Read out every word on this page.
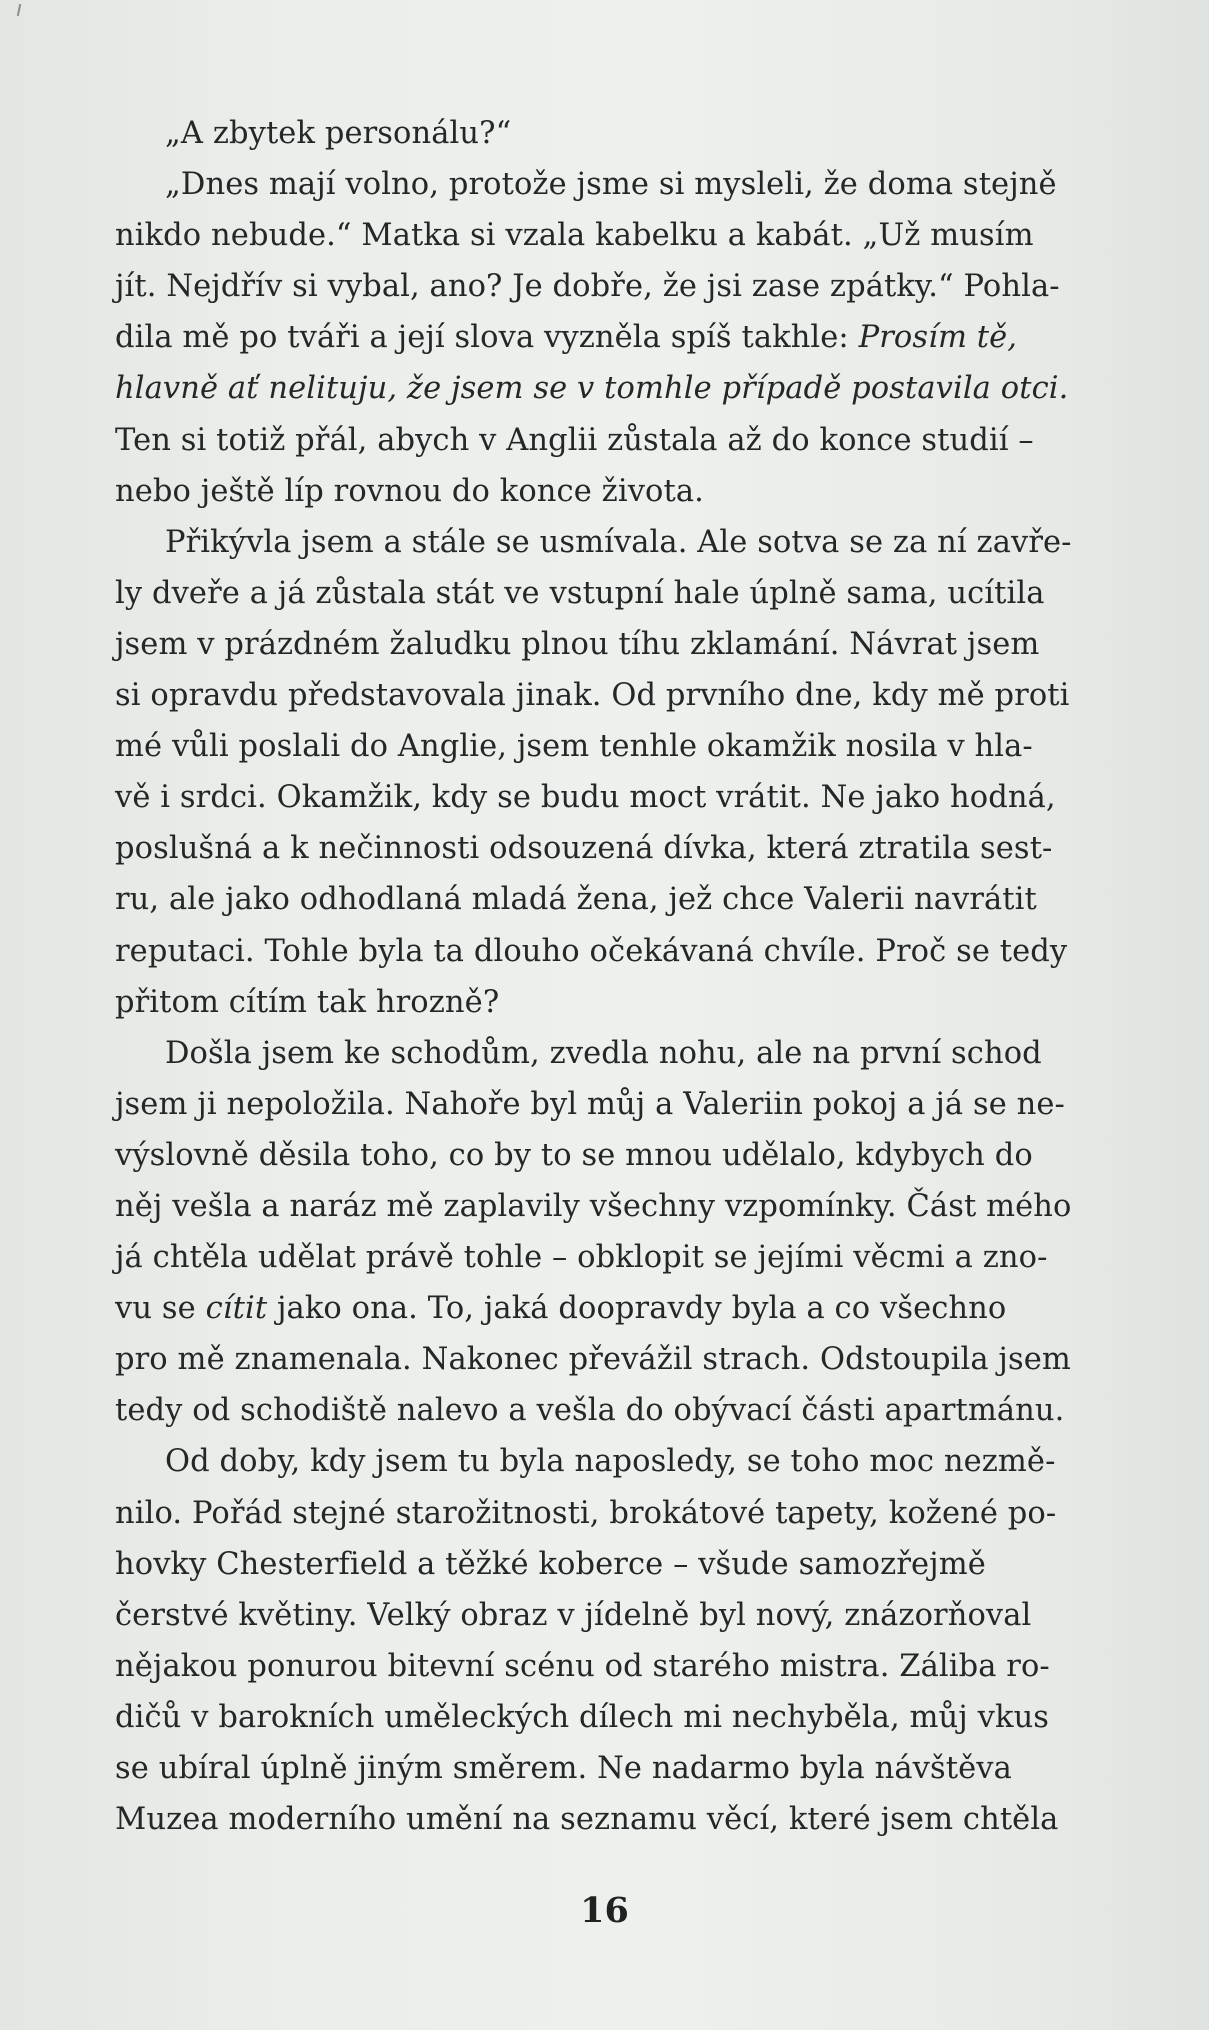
„A zbytek personálu?“

„Dnes mají volno, protože jsme si mysleli, že doma stejně
nikdo nebude.“ Matka si vzala kabelku a kabát. „Už musím
jít. Nejdřív si vybal, ano? Je dobře, že jsi zase zpátky.“ Pohla-
dila mě po tváři a její slova vyzněla spíš takhle: Prosím tě,
hlavně ať nelituju, že jsem se v tomhle případě postavila otci.
Ten si totiž přál, abych v Anglii zůstala až do konce studií –
nebo ještě líp rovnou do konce života.

Přikývla jsem a stále se usmívala. Ale sotva se za ní zavře-
ly dveře a já zůstala stát ve vstupní hale úplně sama, ucítila
jsem v prázdném žaludku plnou tíhu zklamání. Návrat jsem
si opravdu představovala jinak. Od prvního dne, kdy mě proti
mé vůli poslali do Anglie, jsem tenhle okamžik nosila v hla-
vě i srdci. Okamžik, kdy se budu moct vrátit. Ne jako hodná,
poslušná a k nečinnosti odsouzená dívka, která ztratila sest-
ru, ale jako odhodlaná mladá žena, jež chce Valerii navrátit
reputaci. Tohle byla ta dlouho očekávaná chvíle. Proč se tedy
přitom cítím tak hrozně?

Došla jsem ke schodům, zvedla nohu, ale na první schod
jsem ji nepoložila. Nahoře byl můj a Valeriin pokoj a já se ne-
výslovně děsila toho, co by to se mnou udělalo, kdybych do
něj vešla a naráz mě zaplavily všechny vzpomínky. Část mého
já chtěla udělat právě tohle – obklopit se jejími věcmi a zno-
vu se cítit jako ona. To, jaká doopravdy byla a co všechno
pro mě znamenala. Nakonec převážil strach. Odstoupila jsem
tedy od schodiště nalevo a vešla do obývací části apartmánu.

Od doby, kdy jsem tu byla naposledy, se toho moc nezmě-
nilo. Pořád stejné starožitnosti, brokátové tapety, kožené po-
hovky Chesterfield a těžké koberce – všude samozřejmě
čerstvé květiny. Velký obraz v jídelně byl nový, znázorňoval
nějakou ponurou bitevní scénu od starého mistra. Záliba ro-
dičů v barokních uměleckých dílech mi nechyběla, můj vkus
se ubíral úplně jiným směrem. Ne nadarmo byla návštěva
Muzea moderního umění na seznamu věcí, které jsem chtěla

16
